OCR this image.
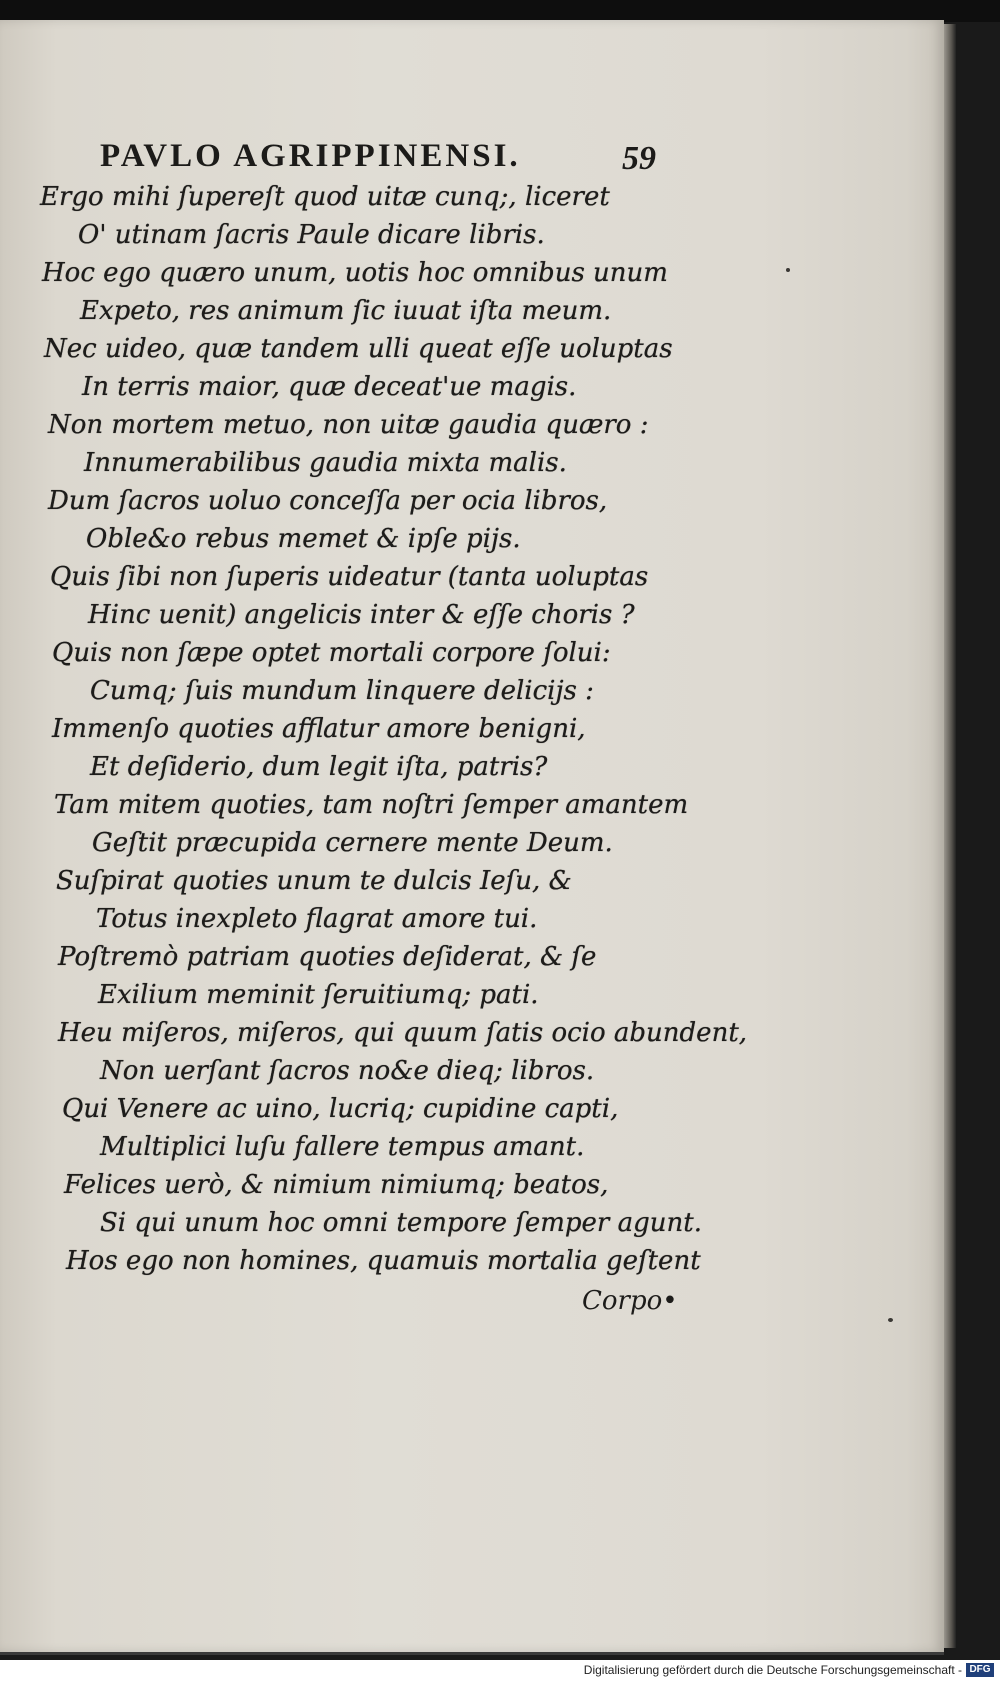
PAVLO AGRIPPINENSI.	59
Ergo mihi ſupereſt quod uitæ cunq;, liceret
O' utinam ſacris Paule dicare libris.
Hoc ego quæro unum, uotis hoc omnibus unum
Expeto, res animum ſic iuuat iſta meum.
Nec uideo, quæ tandem ulli queat eſſe uoluptas
In terris maior, quæ deceat'ue magis.
Non mortem metuo, non uitæ gaudia quæro :
Innumerabilibus gaudia mixta malis.
Dum ſacros uoluo conceſſa per ocia libros,
Oble&o rebus memet & ipſe pijs.
Quis ſibi non ſuperis uideatur (tanta uoluptas
Hinc uenit) angelicis inter & eſſe choris ?
Quis non ſæpe optet mortali corpore ſolui:
Cumq; ſuis mundum linquere delicijs :
Immenſo quoties afflatur amore benigni,
Et deſiderio, dum legit iſta, patris?
Tam mitem quoties, tam noſtri ſemper amantem
Geſtit præcupida cernere mente Deum.
Suſpirat quoties unum te dulcis Ieſu, &
Totus inexpleto flagrat amore tui.
Poſtremò patriam quoties deſiderat, & ſe
Exilium meminit ſeruitiumq; pati.
Heu miſeros, miſeros, qui quum ſatis ocio abundent,
Non uerſant ſacros no&e dieq; libros.
Qui Venere ac uino, lucriq; cupidine capti,
Multiplici luſu fallere tempus amant.
Felices uerò, & nimium nimiumq; beatos,
Si qui unum hoc omni tempore ſemper agunt.
Hos ego non homines, quamuis mortalia geſtent
Corpo•
Digitalisierung gefördert durch die Deutsche Forschungsgemeinschaft - DFG
